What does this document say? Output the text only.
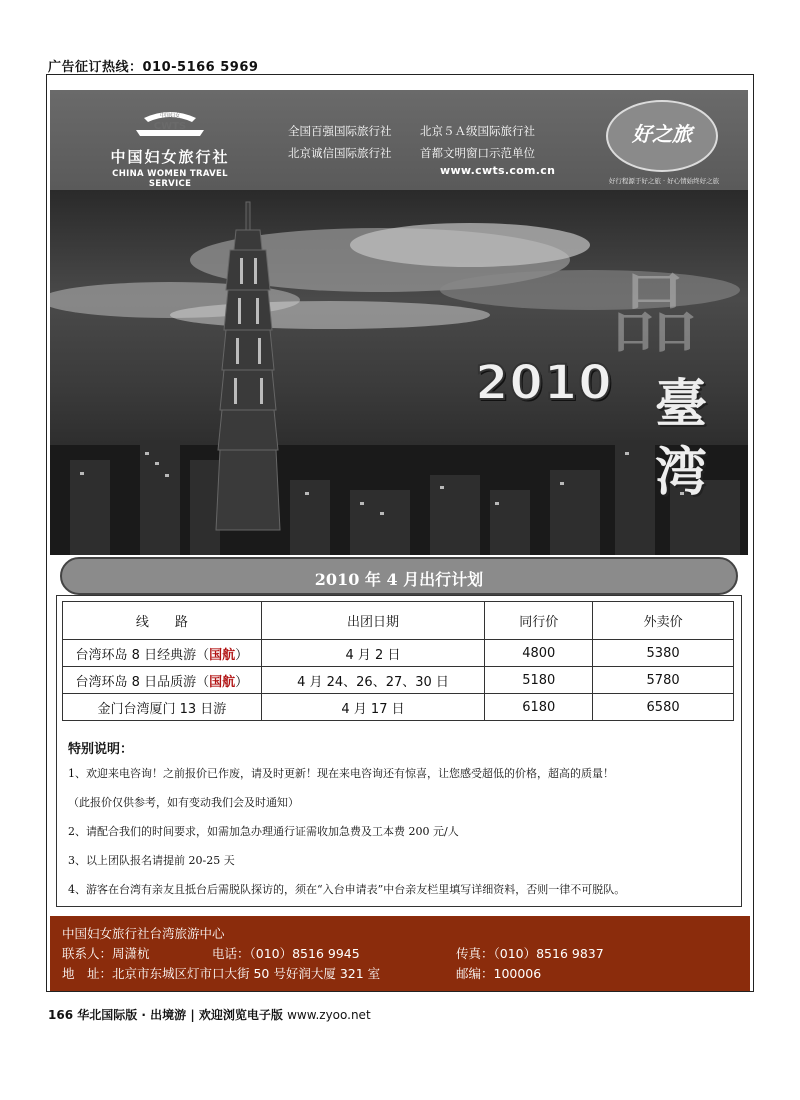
广告征订热线：010-5166 5969
CWTS
中国妇女
中国妇女旅行社
CHINA WOMEN TRAVEL SERVICE
全国百强国际旅行社	北京５Ａ级国际旅行社
北京诚信国际旅行社	首都文明窗口示范单位
www.cwts.com.cn
好之旅
好行程源于好之旅 · 好心情始终好之旅
品
2010 臺
湾
2010 年 4 月出行计划
线　　路	出团日期	同行价	外卖价
台湾环岛 8 日经典游（国航）	4 月 2 日	4800	5380
台湾环岛 8 日品质游（国航）	4 月 24、26、27、30 日	5180	5780
金门台湾厦门 13 日游	4 月 17 日	6180	6580
特别说明：
1、欢迎来电咨询！之前报价已作废，请及时更新！现在来电咨询还有惊喜，让您感受超低的价格，超高的质量！
（此报价仅供参考，如有变动我们会及时通知）
2、请配合我们的时间要求，如需加急办理通行证需收加急费及工本费 200 元/人
3、以上团队报名请提前 20-25 天
4、游客在台湾有亲友且抵台后需脱队探访的，须在“入台申请表”中台亲友栏里填写详细资料，否则一律不可脱队。
中国妇女旅行社台湾旅游中心
联系人：周潇杭	电话：（010）8516 9945	传真：（010）8516 9837
地　址：北京市东城区灯市口大街 50 号好润大厦 321 室	邮编：100006
166 华北国际版 · 出境游 | 欢迎浏览电子版 www.zyoo.net
